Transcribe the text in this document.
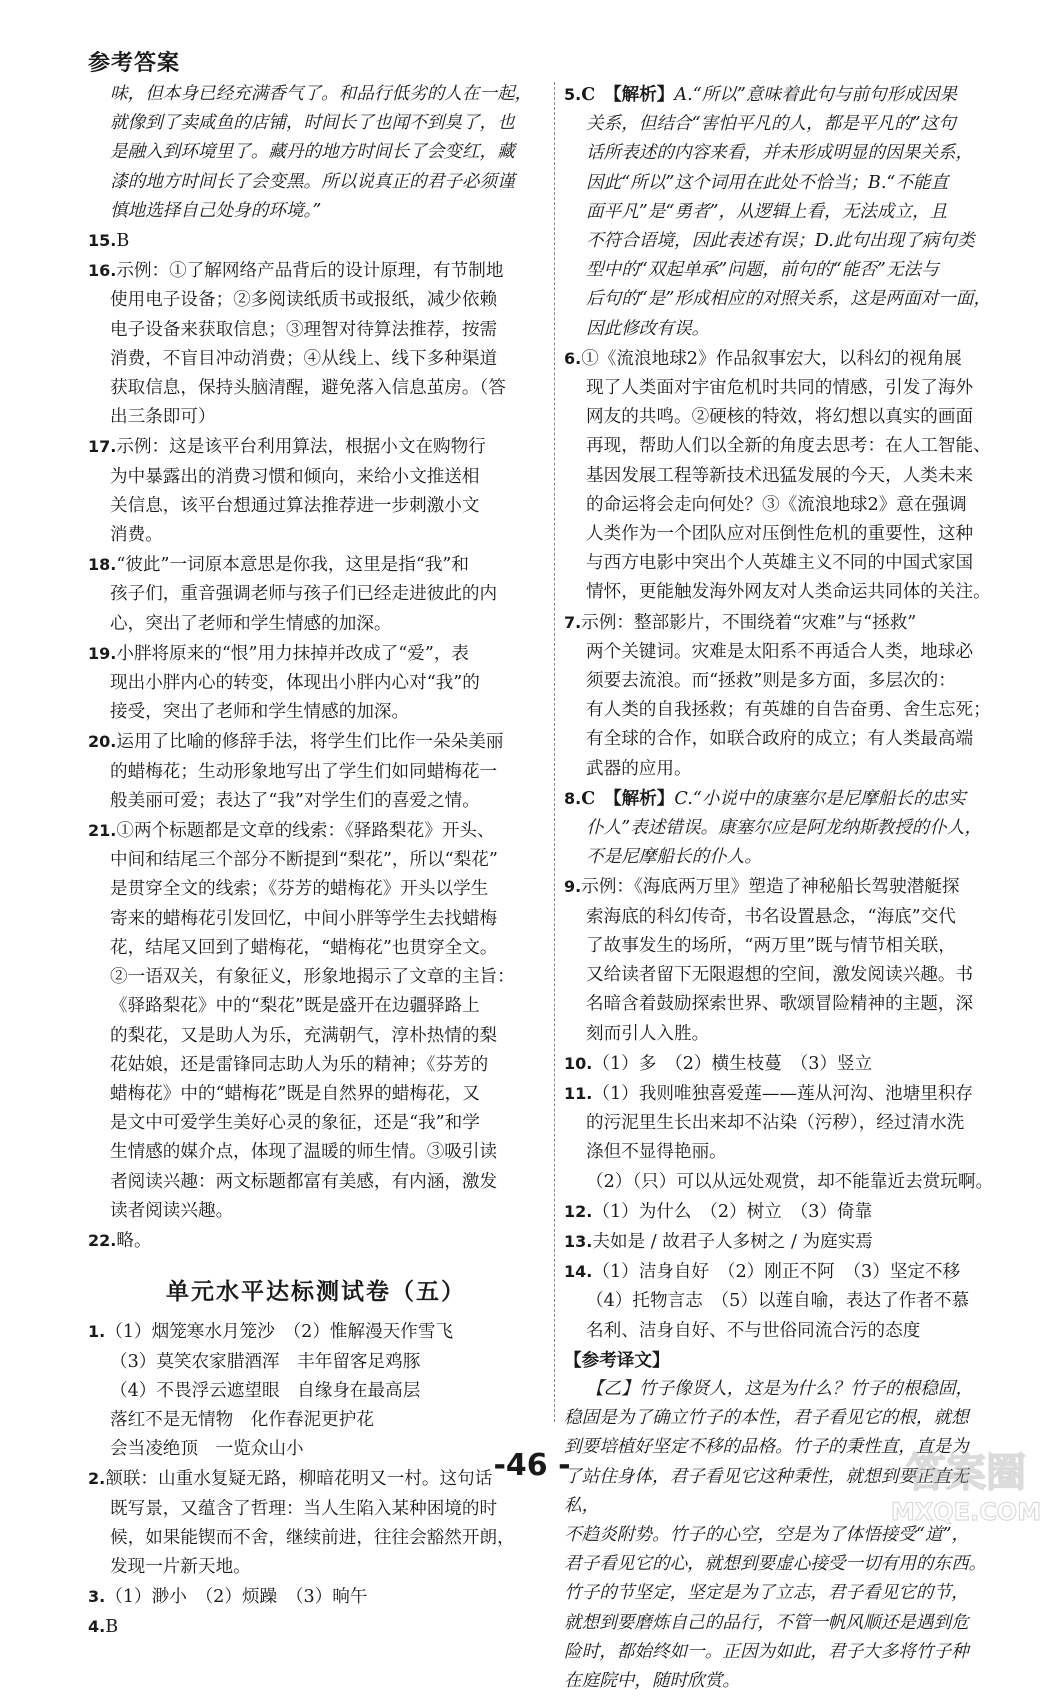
参考答案
味，但本身已经充满香气了。和品行低劣的人在一起，
就像到了卖咸鱼的店铺，时间长了也闻不到臭了，也
是融入到环境里了。藏丹的地方时间长了会变红，藏
漆的地方时间长了会变黑。所以说真正的君子必须谨
慎地选择自己处身的环境。”
15.B
16.示例：①了解网络产品背后的设计原理，有节制地
使用电子设备；②多阅读纸质书或报纸，减少依赖
电子设备来获取信息；③理智对待算法推荐，按需
消费，不盲目冲动消费；④从线上、线下多种渠道
获取信息，保持头脑清醒，避免落入信息茧房。（答
出三条即可）
17.示例：这是该平台利用算法，根据小文在购物行
为中暴露出的消费习惯和倾向，来给小文推送相
关信息，该平台想通过算法推荐进一步刺激小文
消费。
18.“彼此”一词原本意思是你我，这里是指“我”和
孩子们，重音强调老师与孩子们已经走进彼此的内
心，突出了老师和学生情感的加深。
19.小胖将原来的“恨”用力抹掉并改成了“爱”，表
现出小胖内心的转变，体现出小胖内心对“我”的
接受，突出了老师和学生情感的加深。
20.运用了比喻的修辞手法，将学生们比作一朵朵美丽
的蜡梅花；生动形象地写出了学生们如同蜡梅花一
般美丽可爱；表达了“我”对学生们的喜爱之情。
21.①两个标题都是文章的线索：《驿路梨花》开头、
中间和结尾三个部分不断提到“梨花”，所以“梨花”
是贯穿全文的线索；《芬芳的蜡梅花》开头以学生
寄来的蜡梅花引发回忆，中间小胖等学生去找蜡梅
花，结尾又回到了蜡梅花，“蜡梅花”也贯穿全文。
②一语双关，有象征义，形象地揭示了文章的主旨：
《驿路梨花》中的“梨花”既是盛开在边疆驿路上
的梨花，又是助人为乐，充满朝气，淳朴热情的梨
花姑娘，还是雷锋同志助人为乐的精神；《芬芳的
蜡梅花》中的“蜡梅花”既是自然界的蜡梅花，又
是文中可爱学生美好心灵的象征，还是“我”和学
生情感的媒介点，体现了温暖的师生情。③吸引读
者阅读兴趣：两文标题都富有美感，有内涵，激发
读者阅读兴趣。
22.略。
单元水平达标测试卷（五）
1.（1）烟笼寒水月笼沙　（2）惟解漫天作雪飞
（3）莫笑农家腊酒浑　丰年留客足鸡豚
（4）不畏浮云遮望眼　自缘身在最高层
落红不是无情物　化作春泥更护花
会当凌绝顶　一览众山小
2.颔联：山重水复疑无路，柳暗花明又一村。这句话
既写景，又蕴含了哲理：当人生陷入某种困境的时
候，如果能锲而不舍，继续前进，往往会豁然开朗，
发现一片新天地。
3.（1）渺小　（2）烦躁　（3）晌午
4.B
5.C　【解析】A.“所以”意味着此句与前句形成因果
关系，但结合“害怕平凡的人，都是平凡的”这句
话所表述的内容来看，并未形成明显的因果关系，
因此“所以”这个词用在此处不恰当；B.“不能直
面平凡”是“勇者”，从逻辑上看，无法成立，且
不符合语境，因此表述有误；D.此句出现了病句类
型中的“双起单承”问题，前句的“能否”无法与
后句的“是”形成相应的对照关系，这是两面对一面，
因此修改有误。
6.①《流浪地球2》作品叙事宏大，以科幻的视角展
现了人类面对宇宙危机时共同的情感，引发了海外
网友的共鸣。②硬核的特效，将幻想以真实的画面
再现，帮助人们以全新的角度去思考：在人工智能、
基因发展工程等新技术迅猛发展的今天，人类未来
的命运将会走向何处？③《流浪地球2》意在强调
人类作为一个团队应对压倒性危机的重要性，这种
与西方电影中突出个人英雄主义不同的中国式家国
情怀，更能触发海外网友对人类命运共同体的关注。
7.示例：整部影片，不围绕着“灾难”与“拯救”
两个关键词。灾难是太阳系不再适合人类，地球必
须要去流浪。而“拯救”则是多方面，多层次的：
有人类的自我拯救；有英雄的自告奋勇、舍生忘死；
有全球的合作，如联合政府的成立；有人类最高端
武器的应用。
8.C　【解析】C.“小说中的康塞尔是尼摩船长的忠实
仆人”表述错误。康塞尔应是阿龙纳斯教授的仆人，
不是尼摩船长的仆人。
9.示例：《海底两万里》塑造了神秘船长驾驶潜艇探
索海底的科幻传奇，书名设置悬念，“海底”交代
了故事发生的场所，“两万里”既与情节相关联，
又给读者留下无限遐想的空间，激发阅读兴趣。书
名暗含着鼓励探索世界、歌颂冒险精神的主题，深
刻而引人入胜。
10.（1）多　（2）横生枝蔓　（3）竖立
11.（1）我则唯独喜爱莲——莲从河沟、池塘里积存
的污泥里生长出来却不沾染（污秽），经过清水洗
涤但不显得艳丽。
（2）（只）可以从远处观赏，却不能靠近去赏玩啊。
12.（1）为什么　（2）树立　（3）倚靠
13.夫如是 / 故君子人多树之 / 为庭实焉
14.（1）洁身自好　（2）刚正不阿　（3）坚定不移
（4）托物言志　（5）以莲自喻，表达了作者不慕
名利、洁身自好、不与世俗同流合污的态度
【参考译文】
【乙】竹子像贤人，这是为什么？竹子的根稳固，
稳固是为了确立竹子的本性，君子看见它的根，就想
到要培植好坚定不移的品格。竹子的秉性直，直是为
了站住身体，君子看见它这种秉性，就想到要正直无私，
不趋炎附势。竹子的心空，空是为了体悟接受“道”，
君子看见它的心，就想到要虚心接受一切有用的东西。
竹子的节坚定，坚定是为了立志，君子看见它的节，
就想到要磨炼自己的品行，不管一帆风顺还是遇到危
险时，都始终如一。正因为如此，君子大多将竹子种
在庭院中，随时欣赏。
-46 -	答案圈
MXQE.COM
